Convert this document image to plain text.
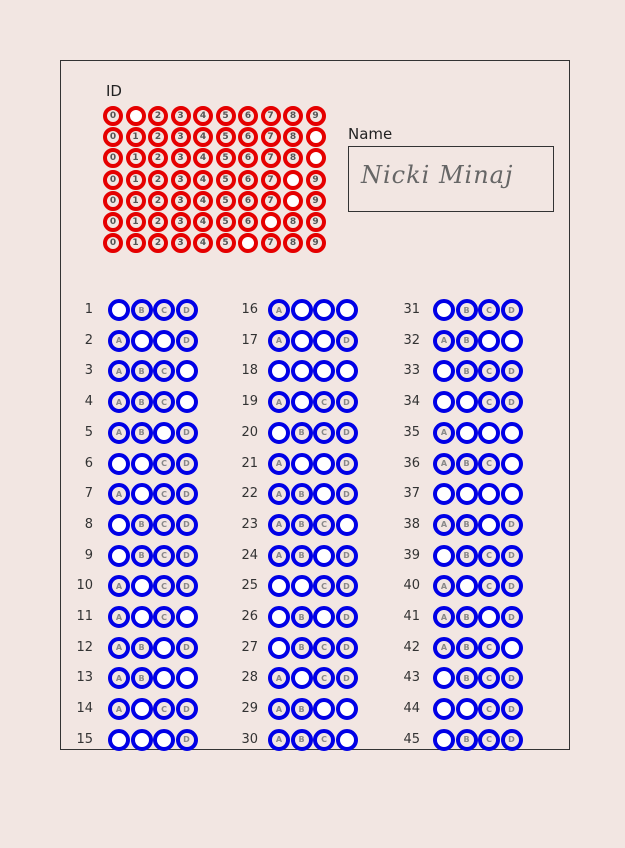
ID
0	2	3	4	5	6	7	8	9
0	1	2	3	4	5	6	7	8
0	1	2	3	4	5	6	7	8
0	1	2	3	4	5	6	7	9
0	1	2	3	4	5	6	7	9
0	1	2	3	4	5	6	8	9
0	1	2	3	4	5	7	8	9
Name
Nicki Minaj
1	B	C	D
2	A	D
3	A	B	C
4	A	B	C
5	A	B	D
6	C	D
7	A	C	D
8	B	C	D
9	B	C	D
10	A	C	D
11	A	C
12	A	B	D
13	A	B
14	A	C	D
15	D
16	A
17	A	D
18
19	A	C	D
20	B	C	D
21	A	D
22	A	B	D
23	A	B	C
24	A	B	D
25	C	D
26	B	D
27	B	C	D
28	A	C	D
29	A	B
30	A	B	C
31	B	C	D
32	A	B
33	B	C	D
34	C	D
35	A
36	A	B	C
37
38	A	B	D
39	B	C	D
40	A	C	D
41	A	B	D
42	A	B	C
43	B	C	D
44	C	D
45	B	C	D
